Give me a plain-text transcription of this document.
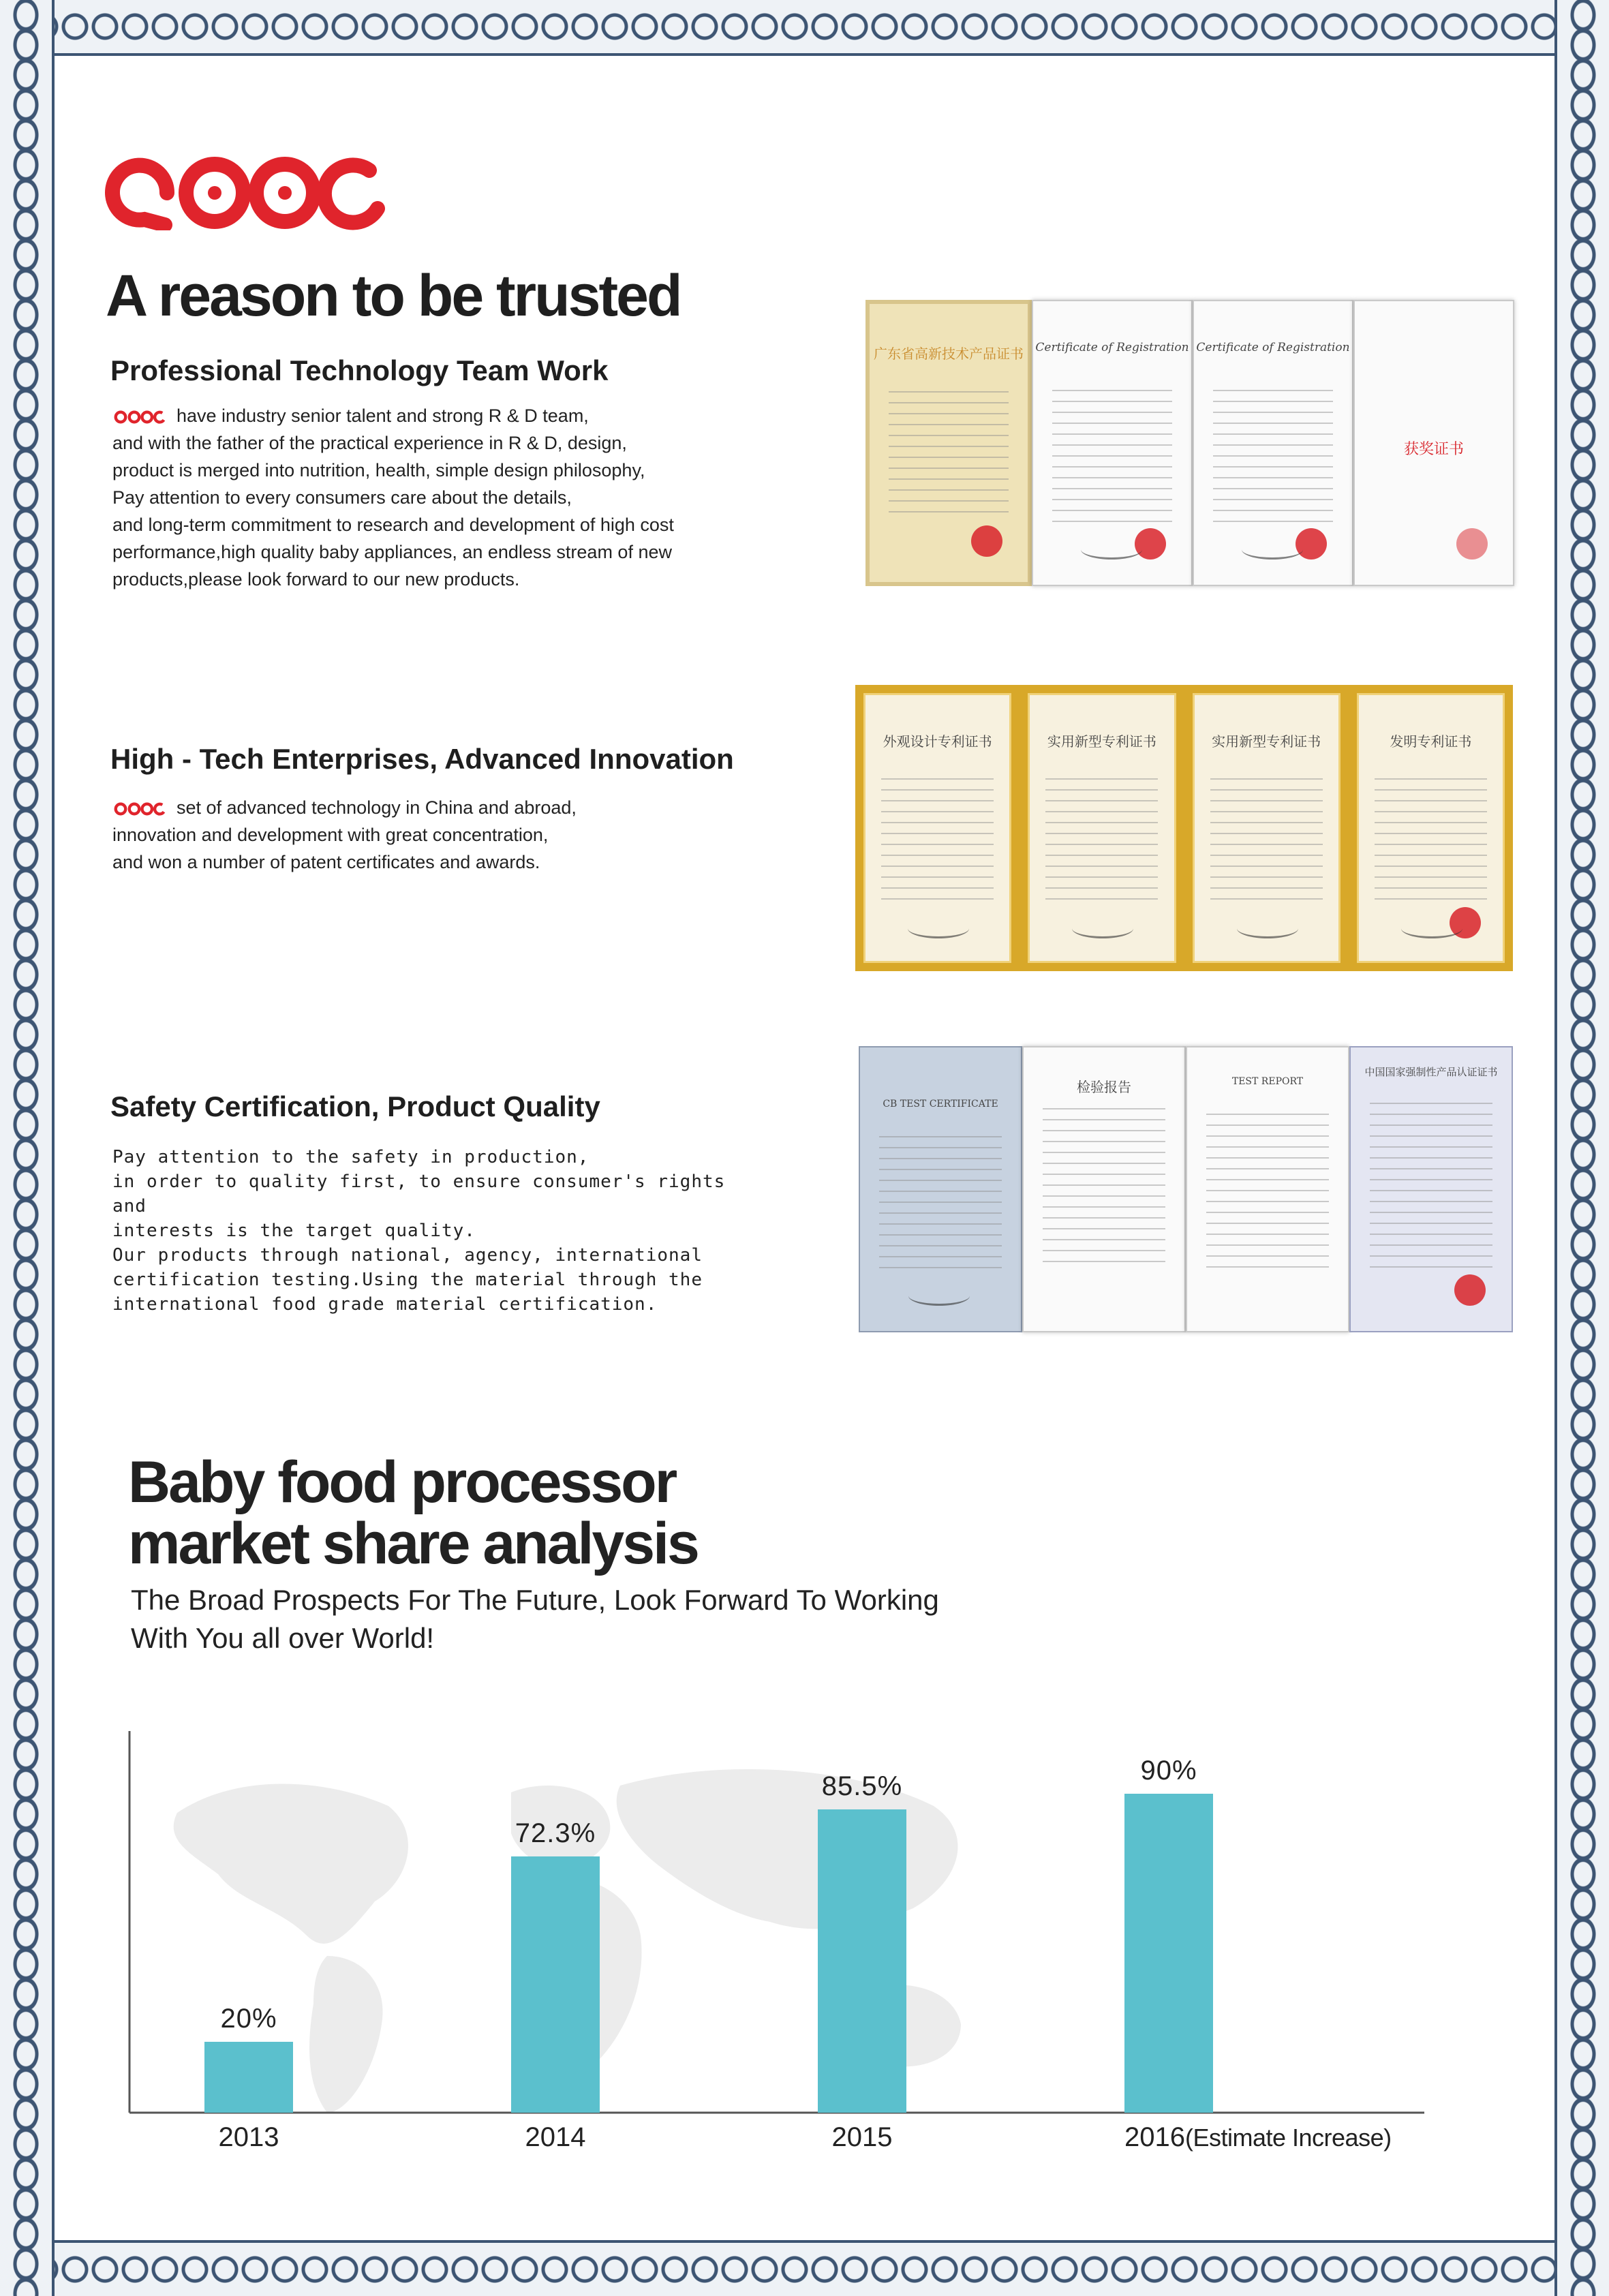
A reason to be trusted
Professional Technology Team Work

have industry senior talent and strong R & D team,
and with the father of the practical experience in R & D, design,
product is merged into nutrition, health, simple design philosophy,
Pay attention to every consumers care about the details,
and long-term commitment to research and development of high cost
performance,high quality baby appliances, an endless stream of new
products,please look forward to our new products.

广东省高新技术产品证书	Certificate of Registration Certificate of Registration
获奖证书
High - Tech Enterprises, Advanced Innovation

set of advanced technology in China and abroad,
innovation and development with great concentration,
and won a number of patent certificates and awards.

外观设计专利证书	实用新型专利证书	实用新型专利证书	发明专利证书
Safety Certification, Product Quality

Pay attention to the safety in production,
in order to quality first, to ensure consumer's rights and
interests is the target quality.
Our products through national, agency, international
certification testing.Using the material through the
international food grade material certification.

CB TEST CERTIFICATE
检验报告	TEST REPORT
中国国家强制性产品认证证书
Baby food processor
market share analysis

The Broad Prospects For The Future, Look Forward To Working
With You all over World!

20%
2013
72.3%
2014
85.5%
2015
90%
2016(Estimate Increase)
